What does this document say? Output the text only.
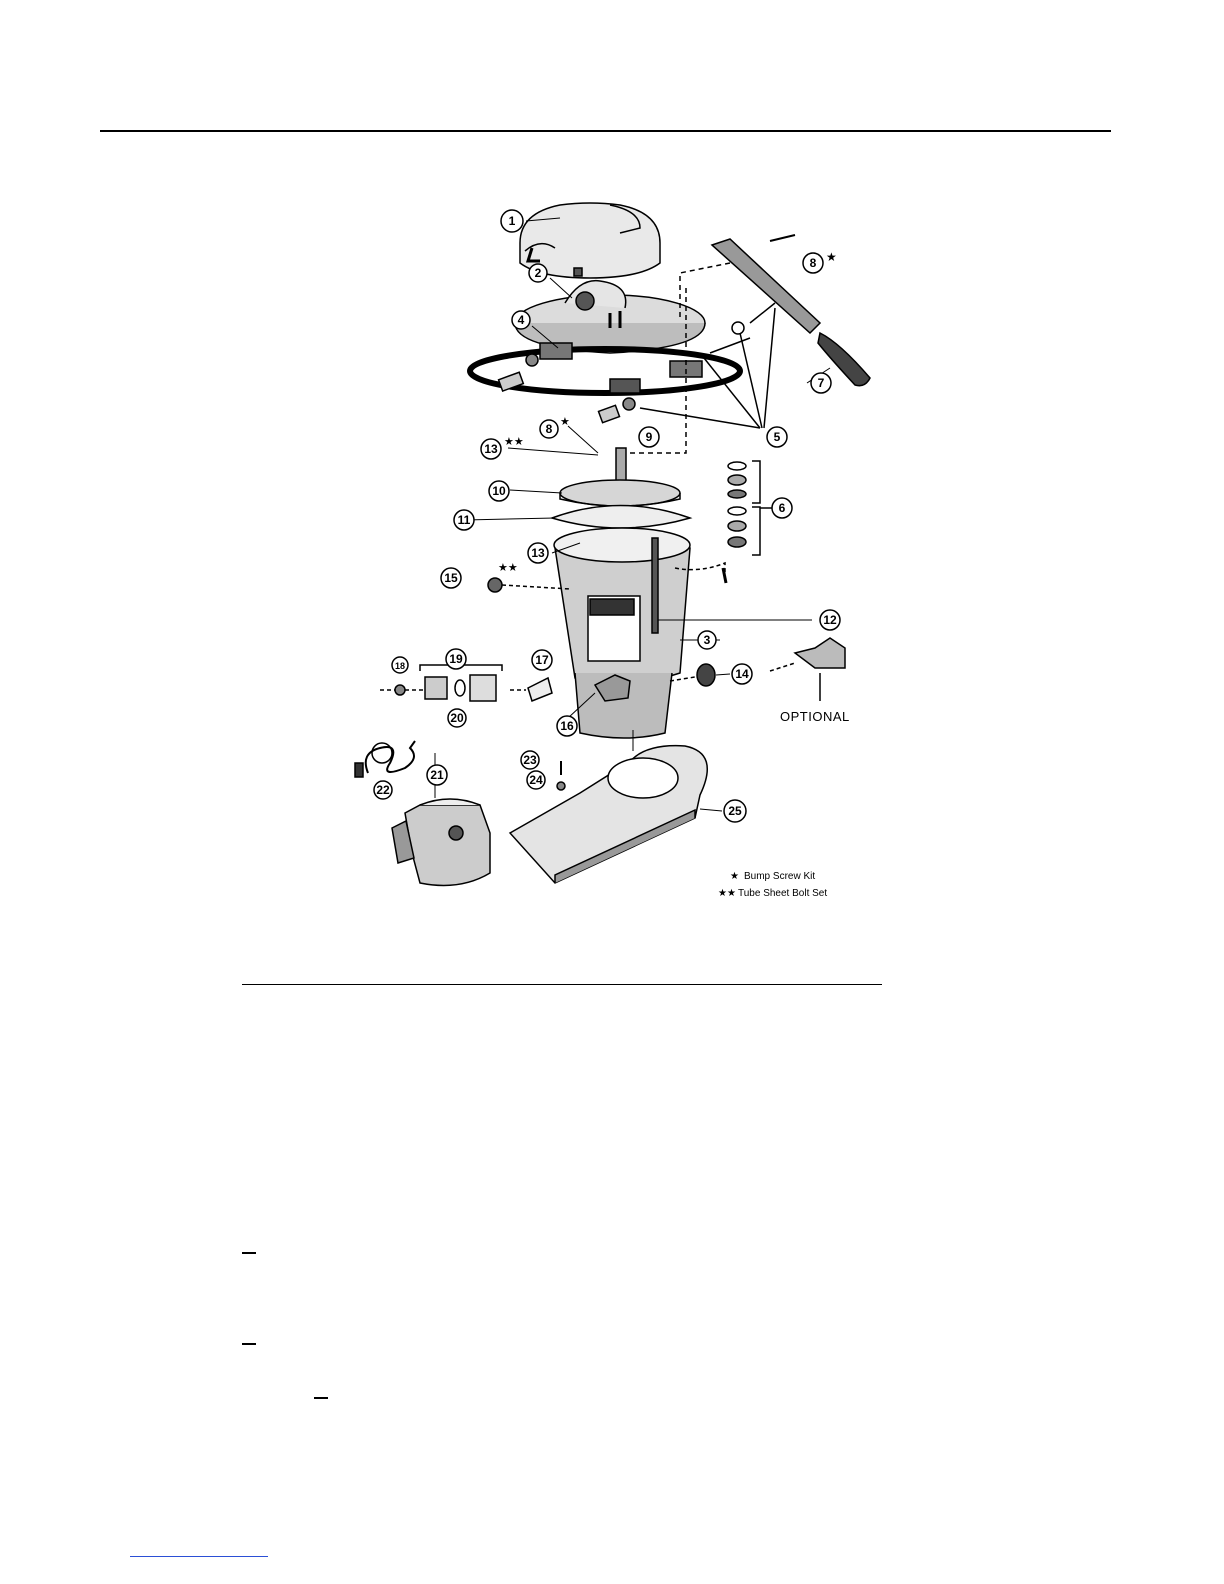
1
2
4
8
7
5
8
9
13
10
11
6
13
15
12
3
18	19	17
14
20
16
23
24
22
21
25
★
★
★★
★★
OPTIONAL
★ Bump Screw Kit
★★ Tube Sheet Bolt Set
